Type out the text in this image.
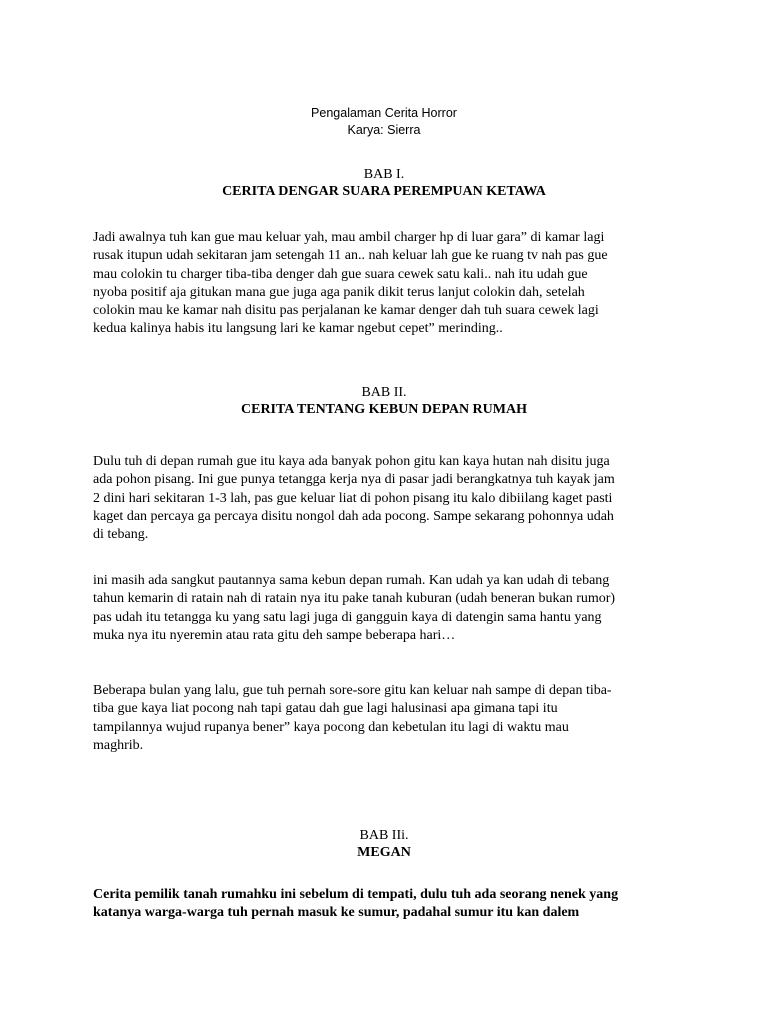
Pengalaman Cerita Horror
Karya: Sierra
BAB I.
CERITA DENGAR SUARA PEREMPUAN KETAWA
Jadi awalnya tuh kan gue mau keluar yah, mau ambil charger hp di luar gara” di kamar lagi
rusak itupun udah sekitaran jam setengah 11 an.. nah keluar lah gue ke ruang tv nah pas gue
mau colokin tu charger tiba-tiba denger dah gue suara cewek satu kali.. nah itu udah gue
nyoba positif aja gitukan mana gue juga aga panik dikit terus lanjut colokin dah, setelah
colokin mau ke kamar nah disitu pas perjalanan ke kamar denger dah tuh suara cewek lagi
kedua kalinya habis itu langsung lari ke kamar ngebut cepet” merinding..
BAB II.
CERITA TENTANG KEBUN DEPAN RUMAH
Dulu tuh di depan rumah gue itu kaya ada banyak pohon gitu kan kaya hutan nah disitu juga
ada pohon pisang. Ini gue punya tetangga kerja nya di pasar jadi berangkatnya tuh kayak jam
2 dini hari sekitaran 1-3 lah, pas gue keluar liat di pohon pisang itu kalo dibiilang kaget pasti
kaget dan percaya ga percaya disitu nongol dah ada pocong. Sampe sekarang pohonnya udah
di tebang.
ini masih ada sangkut pautannya sama kebun depan rumah. Kan udah ya kan udah di tebang
tahun kemarin di ratain nah di ratain nya itu pake tanah kuburan (udah beneran bukan rumor)
pas udah itu tetangga ku yang satu lagi juga di gangguin kaya di datengin sama hantu yang
muka nya itu nyeremin atau rata gitu deh sampe beberapa hari…
Beberapa bulan yang lalu, gue tuh pernah sore-sore gitu kan keluar nah sampe di depan tiba-
tiba gue kaya liat pocong nah tapi gatau dah gue lagi halusinasi apa gimana tapi itu
tampilannya wujud rupanya bener” kaya pocong dan kebetulan itu lagi di waktu mau
maghrib.
BAB IIi.
MEGAN
Cerita pemilik tanah rumahku ini sebelum di tempati, dulu tuh ada seorang nenek yang
katanya warga-warga tuh pernah masuk ke sumur, padahal sumur itu kan dalem
